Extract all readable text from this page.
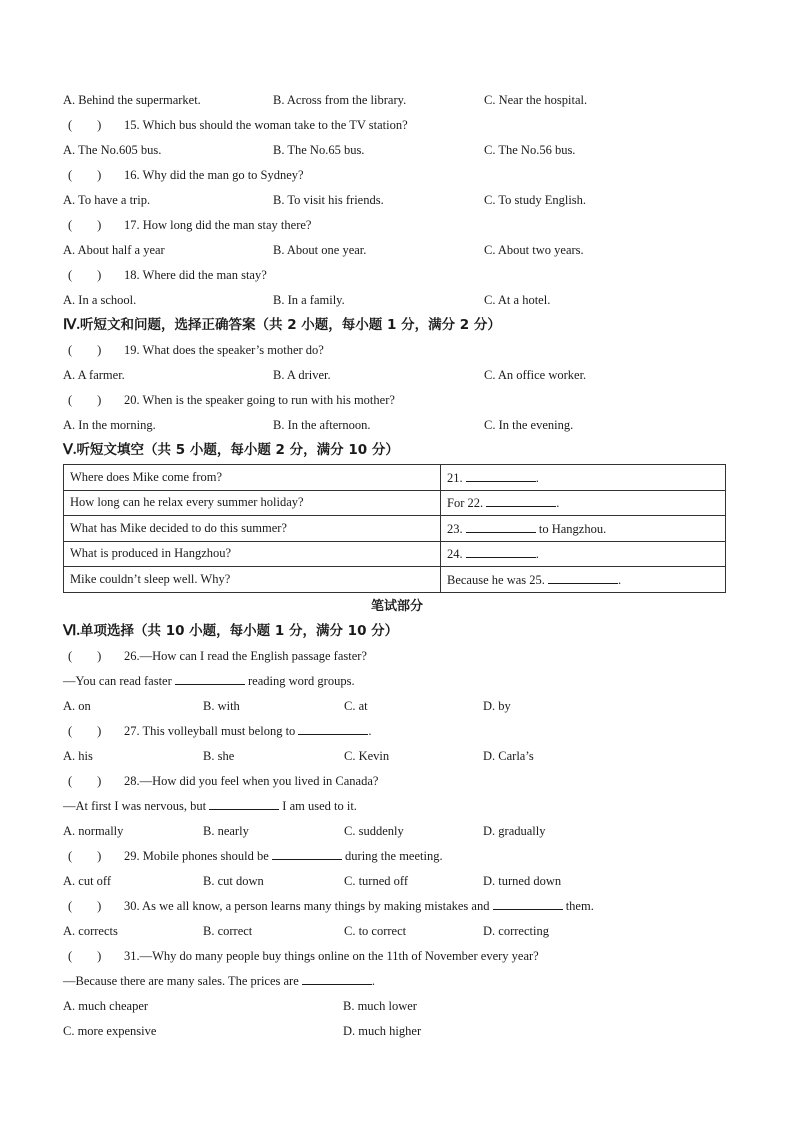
A. Behind the supermarket.	B. Across from the library.	C. Near the hospital.
(　　) 15. Which bus should the woman take to the TV station?
A. The No.605 bus.	B. The No.65 bus.	C. The No.56 bus.
(　　) 16. Why did the man go to Sydney?
A. To have a trip.	B. To visit his friends.	C. To study English.
(　　) 17. How long did the man stay there?
A. About half a year	B. About one year.	C. About two years.
(　　) 18. Where did the man stay?
A. In a school.	B. In a family.	C. At a hotel.
Ⅳ.听短文和问题，选择正确答案（共 2 小题，每小题 1 分，满分 2 分）
(　　) 19. What does the speaker’s mother do?
A. A farmer.	B. A driver.	C. An office worker.
(　　) 20. When is the speaker going to run with his mother?
A. In the morning.	B. In the afternoon.	C. In the evening.
Ⅴ.听短文填空（共 5 小题，每小题 2 分，满分 10 分）
Where does Mike come from?	21. .
How long can he relax every summer holiday?	For 22. .
What has Mike decided to do this summer?	23. to Hangzhou.
What is produced in Hangzhou?	24. .
Mike couldn’t sleep well. Why?	Because he was 25. .
笔试部分
Ⅵ.单项选择（共 10 小题，每小题 1 分，满分 10 分）
(　　) 26.—How can I read the English passage faster?
—You can read faster	reading word groups.
A. on	B. with	C. at	D. by
(　　) 27. This volleyball must belong to	.
A. his	B. she	C. Kevin	D. Carla’s
(　　) 28.—How did you feel when you lived in Canada?
—At first I was nervous, but	I am used to it.
A. normally	B. nearly	C. suddenly	D. gradually
(　　) 29. Mobile phones should be	during the meeting.
A. cut off	B. cut down	C. turned off	D. turned down
(　　) 30. As we all know, a person learns many things by making mistakes and	them.
A. corrects	B. correct	C. to correct	D. correcting
(　　) 31.—Why do many people buy things online on the 11th of November every year?
—Because there are many sales. The prices are	.
A. much cheaper	B. much lower
C. more expensive	D. much higher
